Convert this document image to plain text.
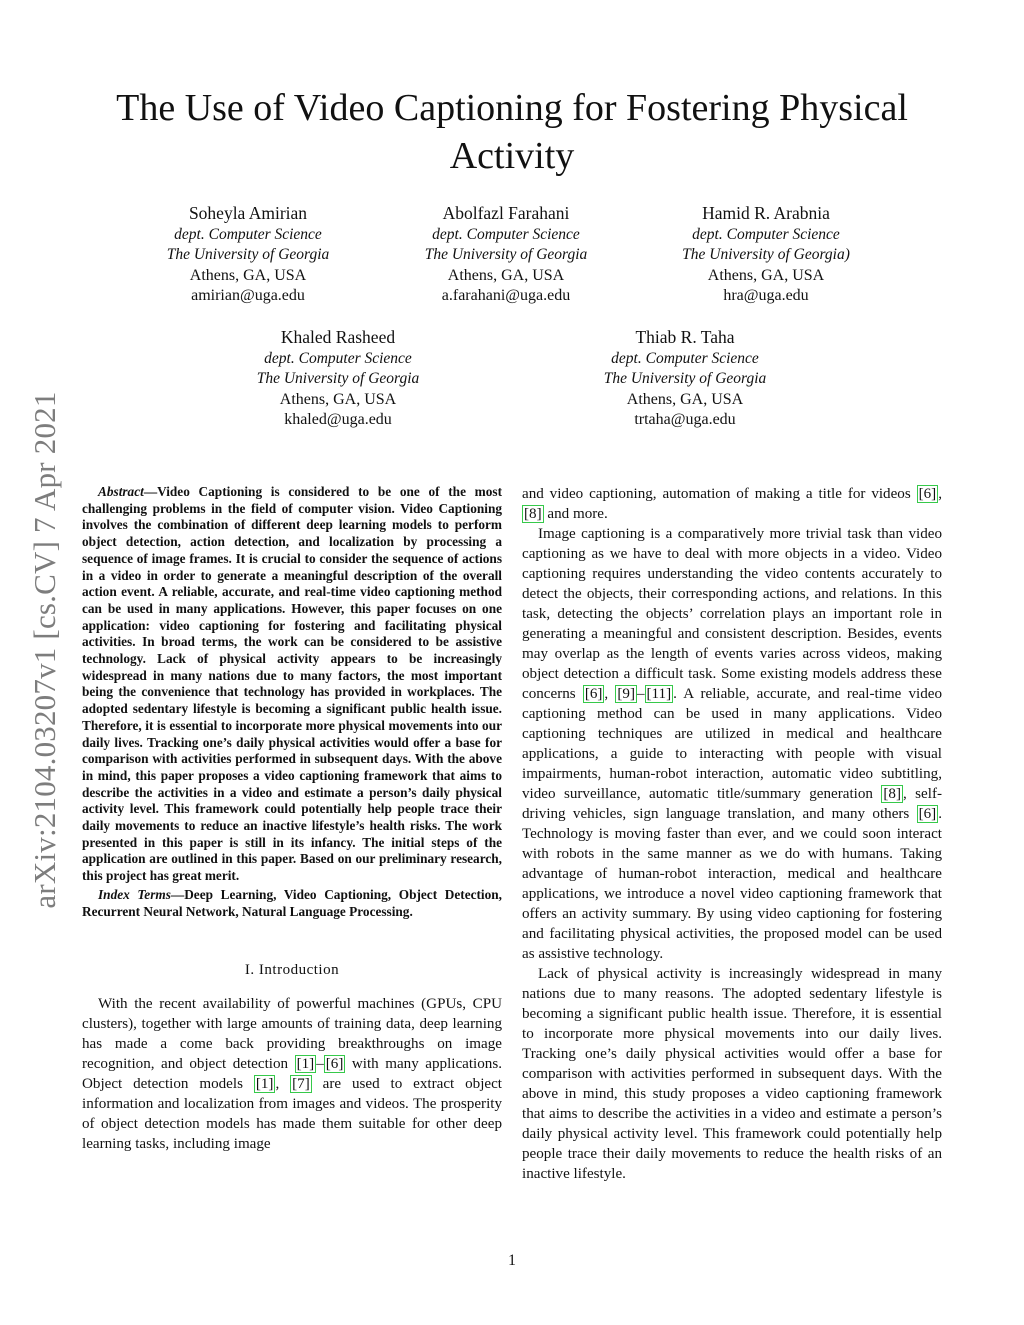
arXiv:2104.03207v1 [cs.CV] 7 Apr 2021
The Use of Video Captioning for Fostering Physical Activity
Soheyla Amirian
dept. Computer Science
The University of Georgia
Athens, GA, USA
amirian@uga.edu
Abolfazl Farahani
dept. Computer Science
The University of Georgia
Athens, GA, USA
a.farahani@uga.edu
Hamid R. Arabnia
dept. Computer Science
The University of Georgia)
Athens, GA, USA
hra@uga.edu
Khaled Rasheed
dept. Computer Science
The University of Georgia
Athens, GA, USA
khaled@uga.edu
Thiab R. Taha
dept. Computer Science
The University of Georgia
Athens, GA, USA
trtaha@uga.edu

Abstract—Video Captioning is considered to be one of the most challenging problems in the field of computer vision. Video Captioning involves the combination of different deep learning models to perform object detection, action detection, and localization by processing a sequence of image frames. It is crucial to consider the sequence of actions in a video in order to generate a meaningful description of the overall action event. A reliable, accurate, and real-time video captioning method can be used in many applications. However, this paper focuses on one application: video captioning for fostering and facilitating physical activities. In broad terms, the work can be considered to be assistive technology. Lack of physical activity appears to be increasingly widespread in many nations due to many factors, the most important being the convenience that technology has provided in workplaces. The adopted sedentary lifestyle is becoming a significant public health issue. Therefore, it is essential to incorporate more physical movements into our daily lives. Tracking one’s daily physical activities would offer a base for comparison with activities performed in subsequent days. With the above in mind, this paper proposes a video captioning framework that aims to describe the activities in a video and estimate a person’s daily physical activity level. This framework could potentially help people trace their daily movements to reduce an inactive lifestyle’s health risks. The work presented in this paper is still in its infancy. The initial steps of the application are outlined in this paper. Based on our preliminary research, this project has great merit.

Index Terms—Deep Learning, Video Captioning, Object Detection, Recurrent Neural Network, Natural Language Processing.

I. Introduction

With the recent availability of powerful machines (GPUs, CPU clusters), together with large amounts of training data, deep learning has made a come back providing breakthroughs on image recognition, and object detection [1] – [6] with many applications. Object detection models [1] , [7] are used to extract object information and localization from images and videos. The prosperity of object detection models has made them suitable for other deep learning tasks, including image

and video captioning, automation of making a title for videos [6] , [8] and more.

Image captioning is a comparatively more trivial task than video captioning as we have to deal with more objects in a video. Video captioning requires understanding the video contents accurately to detect the objects, their corresponding actions, and relations. In this task, detecting the objects’ correlation plays an important role in generating a meaningful and consistent description. Besides, events may overlap as the length of events varies across videos, making object detection a difficult task. Some existing models address these concerns [6] , [9] – [11] . A reliable, accurate, and real-time video captioning method can be used in many applications. Video captioning techniques are utilized in medical and healthcare applications, a guide to interacting with people with visual impairments, human-robot interaction, automatic video subtitling, video surveillance, automatic title/summary generation [8] , self-driving vehicles, sign language translation, and many others [6] . Technology is moving faster than ever, and we could soon interact with robots in the same manner as we do with humans. Taking advantage of human-robot interaction, medical and healthcare applications, we introduce a novel video captioning framework that offers an activity summary. By using video captioning for fostering and facilitating physical activities, the proposed model can be used as assistive technology.

Lack of physical activity is increasingly widespread in many nations due to many reasons. The adopted sedentary lifestyle is becoming a significant public health issue. Therefore, it is essential to incorporate more physical movements into our daily lives. Tracking one’s daily physical activities would offer a base for comparison with activities performed in subsequent days. With the above in mind, this study proposes a video captioning framework that aims to describe the activities in a video and estimate a person’s daily physical activity level. This framework could potentially help people trace their daily movements to reduce the health risks of an inactive lifestyle.

1
